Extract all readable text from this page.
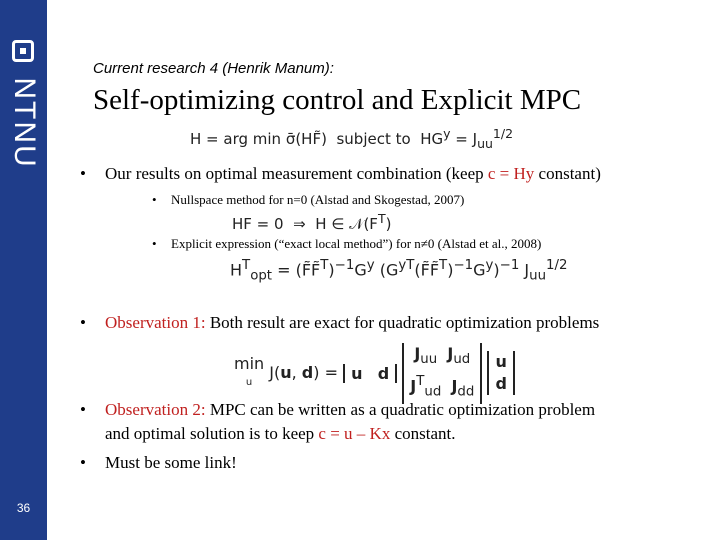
NTNU
36
Current research 4 (Henrik Manum):
Self-optimizing control and Explicit MPC
H = arg min σ̄(HF̃)  subject to  $HG^y = J_{uu}^{1/2}$
• Our results on optimal measurement combination (keep c = Hy constant)
• Nullspace method for n=0 (Alstad and Skogestad, 2007)
HF = 0  ⇒  H ∈ $𝒩(F^T)$
• Explicit expression (“exact local method”) for n≠0 (Alstad et al., 2008)
$H^T_{opt}$ = $(F̃F̃^T)^{-1}G^y$ $(G^{yT}(F̃F̃^T)^{-1}G^y)^{-1}$ $J_{uu}^{1/2}$
• Observation 1: Both result are exact for quadratic optimization problems
min
u J(u, d) = u d
$J_{uu}$ $J_{ud}$
$J^T_{ud}$ $J_{dd}$

u
d
• Observation 2: MPC can be written as a quadratic optimization problem
and optimal solution is to keep c = u – Kx constant.
• Must be some link!
